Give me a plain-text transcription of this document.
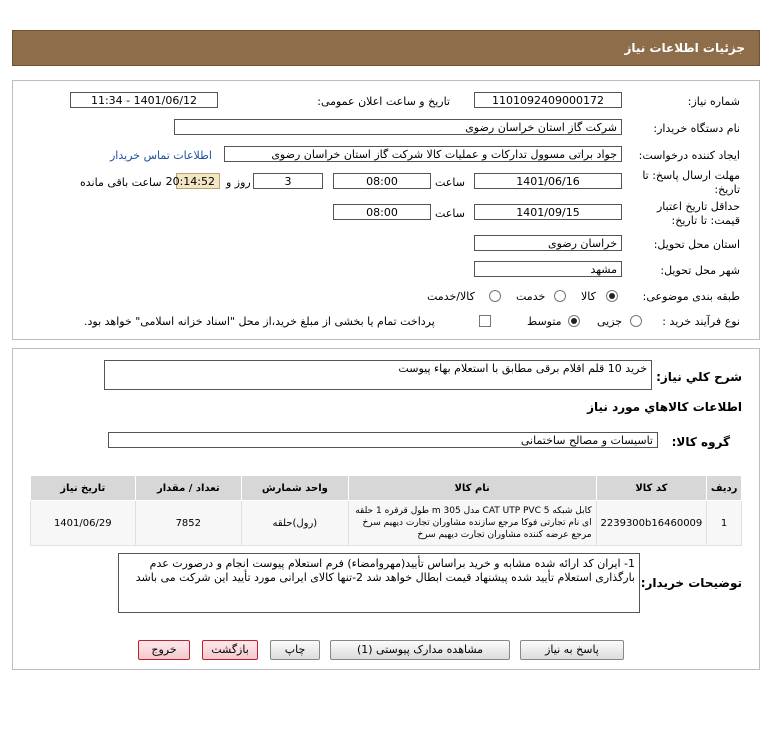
جزئیات اطلاعات نیاز
شماره نیاز:
1101092409000172
تاریخ و ساعت اعلان عمومی:
1401/06/12 - 11:34
نام دستگاه خریدار:
شرکت گاز استان خراسان رضوی
ایجاد کننده درخواست:
جواد براتی مسوول تدارکات و عملیات کالا شرکت گاز استان خراسان رضوی
اطلاعات تماس خریدار
مهلت ارسال پاسخ: تا
تاریخ:
1401/06/16
ساعت
08:00
3
روز و
20:14:52
ساعت باقی مانده
حداقل تاریخ اعتبار
قیمت: تا تاریخ:
1401/09/15
ساعت
08:00
استان محل تحویل:
خراسان رضوی
شهر محل تحویل:
مشهد
طبقه بندی موضوعی:
کالا
خدمت
کالا/خدمت
نوع فرآیند خرید :
جزیی
متوسط
پرداخت تمام یا بخشی از مبلغ خرید،از محل "اسناد خزانه اسلامی" خواهد بود.
شرح کلي نياز:
خرید 10 قلم اقلام برقی مطابق با استعلام بهاء پیوست
اطلاعات کالاهاي مورد نياز
گروه کالا:
تاسیسات و مصالح ساختمانی
ردیف	کد کالا	نام کالا	واحد شمارش	تعداد / مقدار	تاریخ نیاز
1	2239300b16460009	کابل شبکه 5 CAT UTP PVC مدل m 305 طول قرقره 1 حلقه ای نام تجارتی فوکا مرجع سازنده مشاوران تجارت دیهیم سرخ مرجع عرضه کننده مشاوران تجارت دیهیم سرخ	(رول)حلقه	7852	1401/06/29
توضیحات خریدار:
1- ایران کد ارائه شده مشابه و خرید براساس تأیید(مهروامضاء) فرم استعلام پیوست انجام و درصورت عدم بارگذاری استعلام تأیید شده پیشنهاد قیمت ابطال خواهد شد 2-تنها کالای ایرانی مورد تأیید این شرکت می باشد
پاسخ به نیاز
مشاهده مدارک پیوستی (1)
چاپ
بازگشت
خروج
